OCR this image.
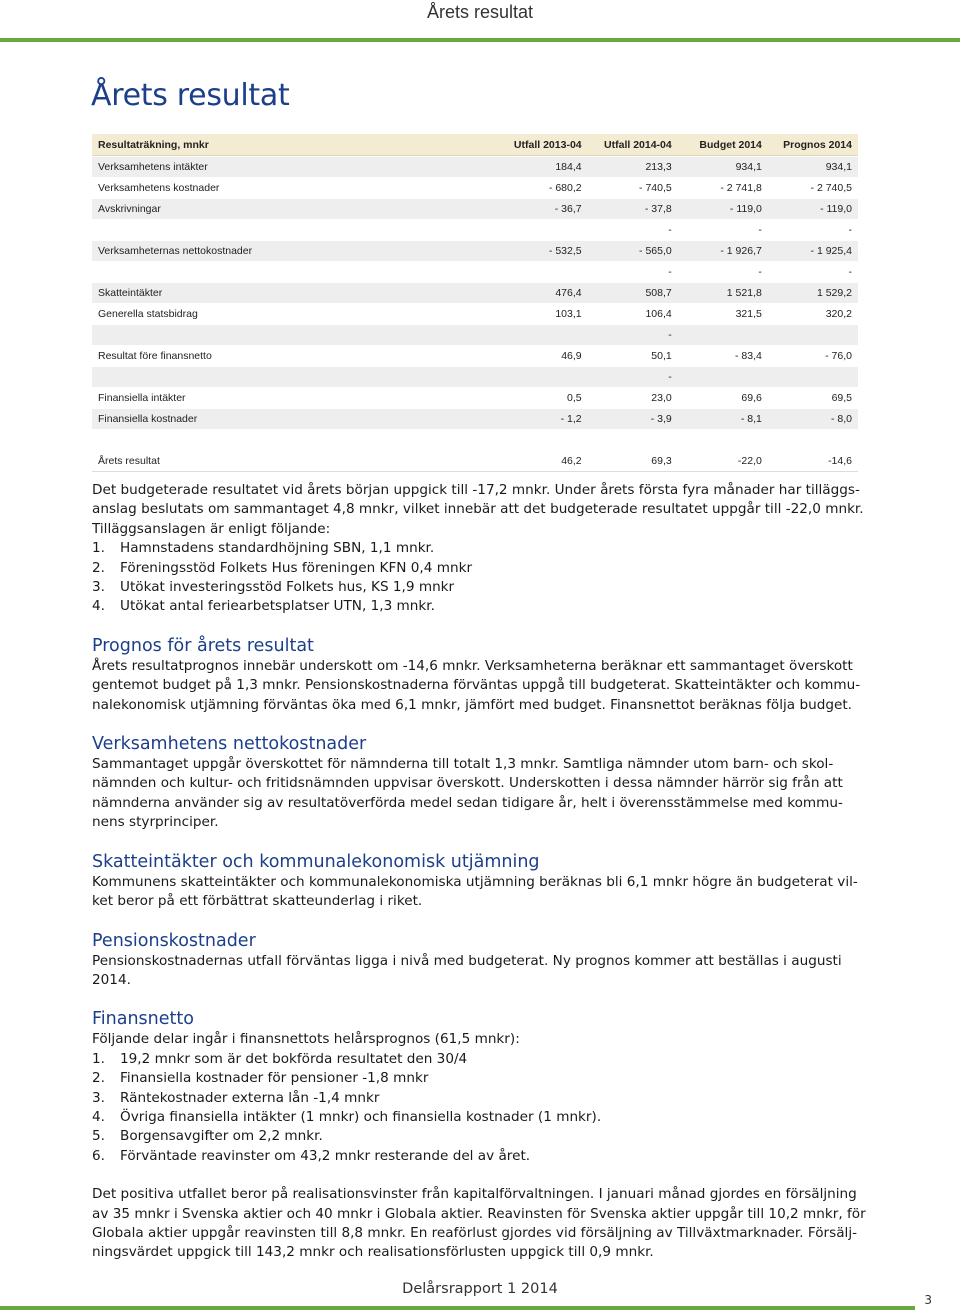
Årets resultat
Årets resultat
Resultaträkning, mnkr	Utfall 2013-04	Utfall 2014-04	Budget 2014	Prognos 2014
Verksamhetens intäkter	184,4	213,3	934,1	934,1
Verksamhetens kostnader	- 680,2	- 740,5	- 2 741,8	- 2 740,5
Avskrivningar	- 36,7	- 37,8	- 119,0	- 119,0
		-	-	-
Verksamheternas nettokostnader	- 532,5	- 565,0	- 1 926,7	- 1 925,4
		-	-	-
Skatteintäkter	476,4	508,7	1 521,8	1 529,2
Generella statsbidrag	103,1	106,4	321,5	320,2
		-		
Resultat före finansnetto	46,9	50,1	- 83,4	- 76,0
		-		
Finansiella intäkter	0,5	23,0	69,6	69,5
Finansiella kostnader	- 1,2	- 3,9	- 8,1	- 8,0

Årets resultat	46,2	69,3	-22,0	-14,6

Det budgeterade resultatet vid årets början uppgick till -17,2 mnkr. Under årets första fyra månader har tilläggs-anslag beslutats om sammantaget 4,8 mnkr, vilket innebär att det budgeterade resultatet uppgår till -22,0 mnkr. Tilläggsanslagen är enligt följande:

1.	Hamnstadens standardhöjning SBN, 1,1 mnkr.
2.	Föreningsstöd Folkets Hus föreningen KFN 0,4 mnkr
3.	Utökat investeringsstöd Folkets hus, KS 1,9 mnkr
4.	Utökat antal feriearbetsplatser UTN, 1,3 mnkr.
Prognos för årets resultat

Årets resultatprognos innebär underskott om -14,6 mnkr. Verksamheterna beräknar ett sammantaget överskott gentemot budget på 1,3 mnkr. Pensionskostnaderna förväntas uppgå till budgeterat. Skatteintäkter och kommu-nalekonomisk utjämning förväntas öka med 6,1 mnkr, jämfört med budget. Finansnettot beräknas följa budget.

Verksamhetens nettokostnader

Sammantaget uppgår överskottet för nämnderna till totalt 1,3 mnkr. Samtliga nämnder utom barn- och skol-nämnden och kultur- och fritidsnämnden uppvisar överskott. Underskotten i dessa nämnder härrör sig från att nämnderna använder sig av resultatöverförda medel sedan tidigare år, helt i överensstämmelse med kommu-nens styrprinciper.

Skatteintäkter och kommunalekonomisk utjämning

Kommunens skatteintäkter och kommunalekonomiska utjämning beräknas bli 6,1 mnkr högre än budgeterat vil-ket beror på ett förbättrat skatteunderlag i riket.

Pensionskostnader

Pensionskostnadernas utfall förväntas ligga i nivå med budgeterat. Ny prognos kommer att beställas i augusti 2014.

Finansnetto

Följande delar ingår i finansnettots helårsprognos (61,5 mnkr):

1.	19,2 mnkr som är det bokförda resultatet den 30/4
2.	Finansiella kostnader för pensioner -1,8 mnkr
3.	Räntekostnader externa lån -1,4 mnkr
4.	Övriga finansiella intäkter (1 mnkr) och finansiella kostnader (1 mnkr).
5.	Borgensavgifter om 2,2 mnkr.
6.	Förväntade reavinster om 43,2 mnkr resterande del av året.

Det positiva utfallet beror på realisationsvinster från kapitalförvaltningen. I januari månad gjordes en försäljning av 35 mnkr i Svenska aktier och 40 mnkr i Globala aktier. Reavinsten för Svenska aktier uppgår till 10,2 mnkr, för Globala aktier uppgår reavinsten till 8,8 mnkr. En reaförlust gjordes vid försäljning av Tillväxtmarknader. Försälj-ningsvärdet uppgick till 143,2 mnkr och realisationsförlusten uppgick till 0,9 mnkr.

Delårsrapport 1 2014
3
